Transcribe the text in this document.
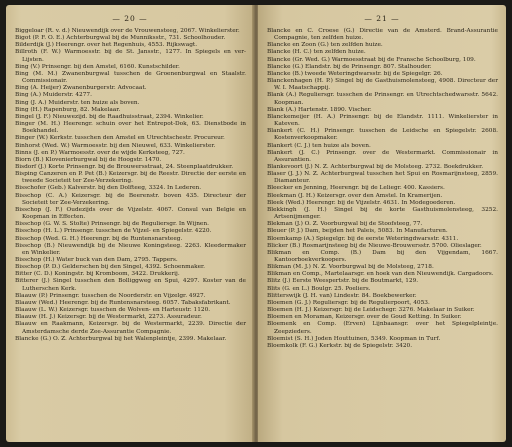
— 20 —

Biggeloar (R. v. d.) Nieuwendijk over de Vrouwensteeg, 2067. Winkelierster.

Bigot (P. F. O. E.) Achterburgwal bij de Munniksstr., 731. Schoolhouder.

Bilderdijk (J.) Heerengr. over het Regenhuis, 4553. Rijkswagt.

Billroth (F. W.) Warmoesstr. bij de St. Jansstr., 1277. In Spiegels en ver- Lijsten.

Bing (V.) Prinsengr. bij den Amstel, 6160. Kunstschilder.

Bing (M. M.) Zwanenburgwal tusschen de Groenenburgwal en Staalstr. Commissionair.

Bing (A. Heijer) Zwanenburgerstr. Advocaat.

Bing (A.) Muiderstr. 4277.

Bing (J. A.) Muiderstr. ten huize als boven.

Bing (H.) Rapenburg, 82. Makelaar.

Bingel (J. F.) Nieuwezijd. bij de Raadhuisstraat, 2394. Winkelier.

Binger (M. H.) Heerengr. schuin over het Entrepot-Dok, 63. Dienstbode in Boekhandel.

Binger (W.) Kerkstr. tusschen den Amstel en Utrechtschestr. Procureur.

Binhorst (Wed. W.) Warmoesstr. bij den Nieuwel, 633. Winkelierster.

Binns (J. en P.) Warmoesstr. over de wijde Kerksteeg, 727.

Biorn (B.) Klovenierburgwal bij de Hoogstr. 1470.

Bisdorf (J.) Korte Prinsengr. bij de Brouwersstraat, 24. Steenplaatdrukker.

Bisping Canzeren en P. Pet (B.) Keizersgr. bij de Reestr. Directie der eerste en tweede Societeit ter Zee-Verzekering.

Bisschofer (Geb.) Kalverstr. bij den Dolfteeg, 3324. In Lederen.

Bisschop (C. A.) Keizersgr. bij de Beerenstr. boven 435. Directeur der Societeit ter Zee-Verzekering.

Bisschop (J. F.) Oudezijds over de Vijzelstr. 4067. Consul van Belgie en Koopman in Effecten.

Bisschop (G. W. S. Stolte) Prinsengr. bij de Reguliersgr. In Wijnen.

Bisschop (H. L.) Prinsengr. tusschen de Vijzel- en Spiegelstr. 4220.

Bisschop (Wed. G. H.) Heerengr. bij de Runtensnarsteeg.

Bisschop (B.) Nieuwendijk bij de Nieuwe Koningsteeg. 2263. Kleedermaker en Winkelier.

Bisschop (H.) Water buck van den Dam, 2795. Tappers.

Bisschop (P. D.) Gelderschen bij den Singel, 4392. Schoenmaker.

Bitter (C. D.) Koningstr. bij Kromboom, 3422. Drukkerij.

Bitterer (J.) Singel tusschen den Bolliggweg en Spui, 4297. Koster van de Lutherschen Kerk.

Blaauw (P.) Prinsengr. tusschen de Noorderstr. en Vijzelgr. 4927.

Blaauw (Wed.) Heerengr. bij de Runtensnarsteeg. 6057. Tabaksfabrikant.

Blaauw (L. W.) Keizersgr. tusschen de Wolven- en Harteustr. 1120.

Blaauw (H. J.) Keizersgr. bij de Westermarkt, 2273. Assuradeur.

Blaauw en Raakmann, Keizersgr. bij de Westermarkt, 2239. Directie der Amsterdamsche derde Zee-Assurantie Compagnie.

Blancke (G.) O. Z. Achterburgwal bij het Walenpleintje, 2399. Makelaar.

— 21 —

Blancke en C. Croese (G.) Directie van de Amsterd. Brand-Assurantie Compagnie, ten zelfden huize.

Blancke en Zoon (G.) ten zelfden huize.

Blancke (H. C.) ten zelfden huize.

Blancke (Gr. Wed. G.) Warmoesstraat bij de Fransche Schoolburg, 109.

Blancke (G.) Elandstr. bij de Prinsengr. 807. Stalhouder.

Blancke (B.) tweede Weteringdwarsstr. bij de Spiegelgr. 26.

Blanckenhagen (H. P.) Singel bij de Gasthuismolensteeg, 4908. Directeur der W. I. Maatschappij.

Blank (A.) Reguliersgr. tusschen de Prinsengr. en Utrechtschedwarsstr. 5642. Koopman.

Blank (A.) Hartenstr. 1890. Vischer.

Blanckemeijer (H. A.) Prinsengr. bij de Elandstr. 1111. Winkelierster in Kateven.

Blankert (C. H.) Prinsengr. tusschen de Leidsche en Spiegelstr. 2608. Kostenverkoopmaker.

Blankert (C. J.) ten huize als boven.

Blankert (J. C.) Prinsengr. over de Westermarkt. Commissionair in Assurantien.

Blankevoort (J.) N. Z. Achterburgwal bij de Molsteeg. 2732. Boekdrukker.

Blaser (J. J.) N. Z. Achterburgwal tusschen het Spui en Rosmarijnsteeg, 2859. Diamanteur.

Bleecker en Jenning, Heerengr. bij de Leliegr. 400. Kassiers.

Bleekman (J. H.) Keizersgr. over den Amstel. In Kramerijen.

Bleek (Wed.) Heerengr. bij de Vijzelstr. 4631. In Modegoederen.

Blekkingh (J. H.) Singel bij de korte Gasthuismolensteeg, 3252. Artsenijmenger.

Blekman (J.) O. Z. Voorburgwal bij de Stoofsteeg, 77.

Bleuer (P. J.) Dam, beijden het Paleis, 5083. In Manufacturen.

Bloemkamp (A.) Spiegelgr. bij de eerste Weteringdwarsstr. 4311.

Blicker (B.) Rosmarijnsteeg bij de Nieuwe-Brouwersstr. 5700. Olieslager.

Blikman en Comp. (B.) Dam bij den Vijgendam, 1667. Kantoorboekverkoopers.

Blikman (M. J.) N. Z. Voorburgwal bij de Molsteeg, 2718.

Blikman en Comp., Martelaarsgr. en hoek van den Nieuwendijk. Cargadoors.

Blitz (J.) Eerste Weespertstr. bij de Boutmarkt, 129.

Blits (G. en L.) Boulgr. 25. Poeliers.

Blitterswijk (J. H. van) Lindestr. 84. Boekbewerker.

Bloemen (G. J.) Reguliersgr. bij de Regulierpoort, 4053.

Bloemen (H. J.) Keizersgr. bij de Leidschegr. 3276. Makelaar in Suiker.

Bloemen en Moraman, Keizersgr. over de Goud Ketting. In Suiker.

Bloemenk en Comp. (Erven) Lijnbaansgr. over het Spiegelpleintje. Zeepzieders.

Bloemist (S. H.) Joden Houttuinen, 5349. Koopman in Turf.

Bloemkolk (F. G.) Kerkstr. bij de Spiegelstr. 3420.
